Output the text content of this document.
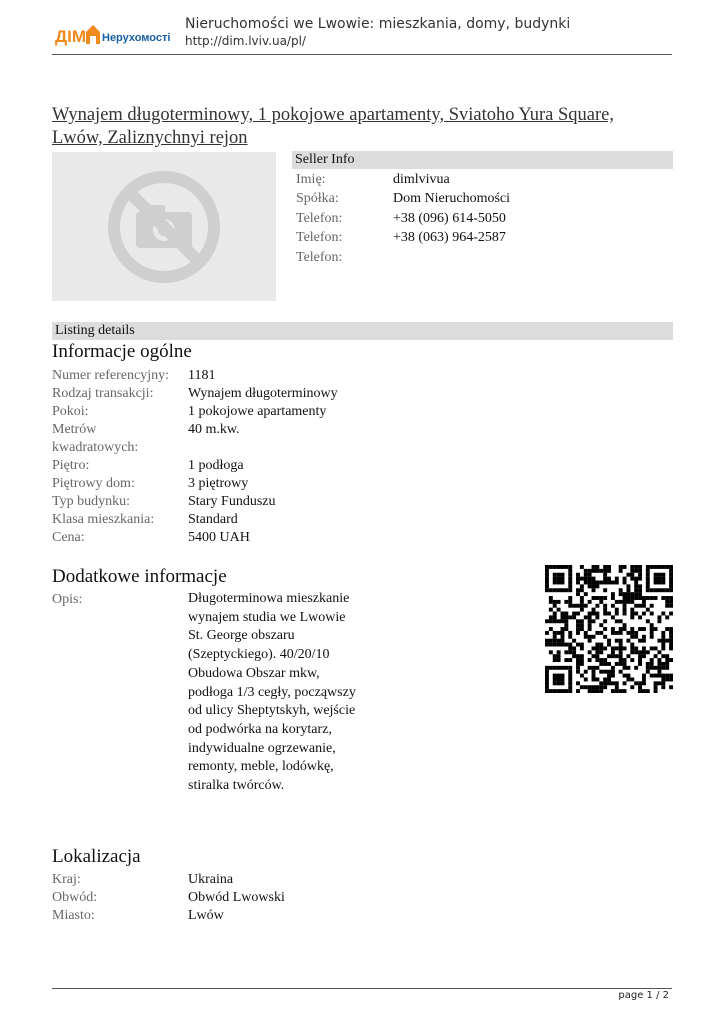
ДІМ Нерухомості
Nieruchomości we Lwowie: mieszkania, domy, budynki
http://dim.lviv.ua/pl/
Wynajem długoterminowy, 1 pokojowe apartamenty, Sviatoho Yura Square, Lwów, Zaliznychnyi rejon
Seller Info
Imię:	dimlvivua
Spółka:	Dom Nieruchomości
Telefon:	+38 (096) 614-5050
Telefon:	+38 (063) 964-2587
Telefon:
Listing details
Informacje ogólne
Numer referencyjny: 1181
Rodzaj transakcji: Wynajem długoterminowy
Pokoi:	1 pokojowe apartamenty
Metrów	40 m.kw.
kwadratowych:
Piętro:	1 podłoga
Piętrowy dom:	3 piętrowy
Typ budynku:	Stary Funduszu
Klasa mieszkania: Standard
Cena:	5400 UAH
Dodatkowe informacje
Opis:	Długoterminowa mieszkanie wynajem studia we Lwowie St. George obszaru (Szeptyckiego). 40/20/10 Obudowa Obszar mkw, podłoga 1/3 cegły, począwszy od ulicy Sheptytskyh, wejście od podwórka na korytarz, indywidualne ogrzewanie, remonty, meble, lodówkę, stiralka twórców.
Lokalizacja
Kraj:	Ukraina
Obwód:	Obwód Lwowski
Miasto:	Lwów
page 1 / 2
